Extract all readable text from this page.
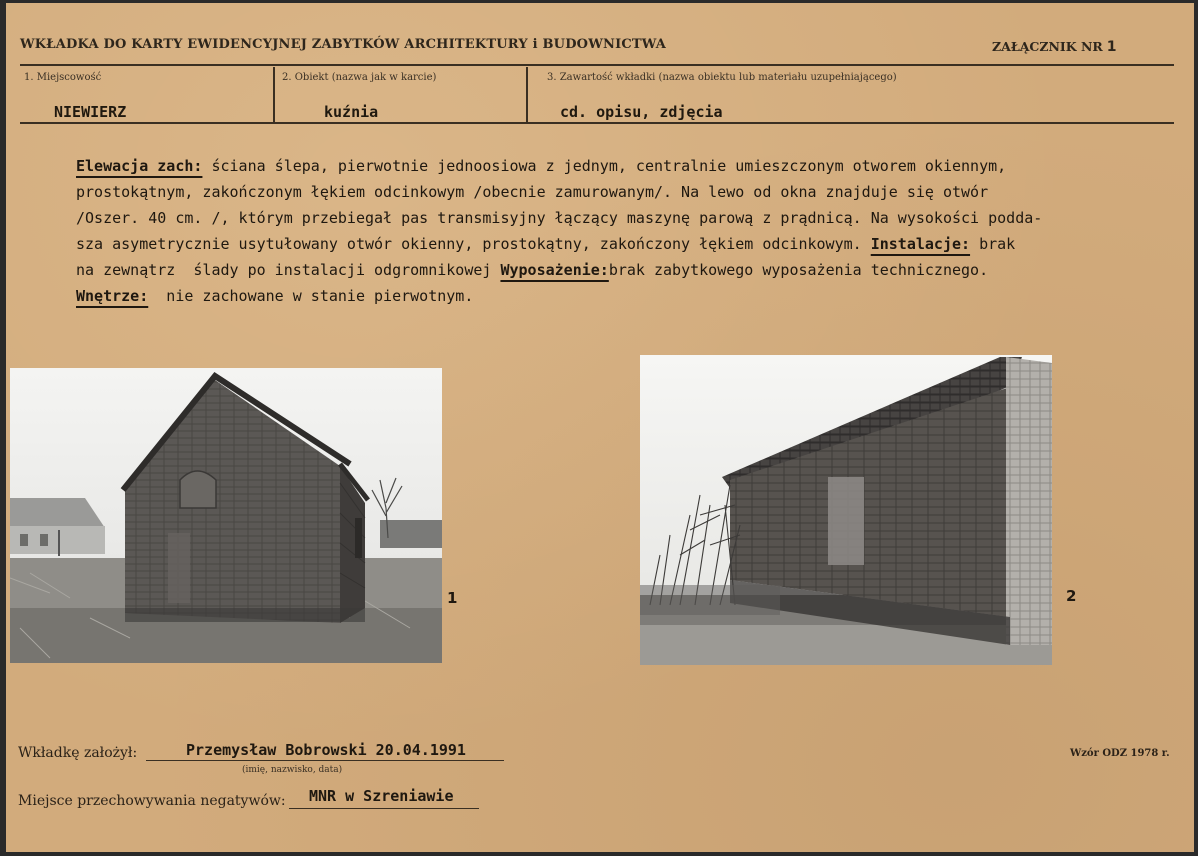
WKŁADKA DO KARTY EWIDENCYJNEJ ZABYTKÓW ARCHITEKTURY i BUDOWNICTWA	ZAŁĄCZNIK NR 1
1. Miejscowość
NIEWIERZ
2. Obiekt (nazwa jak w karcie)
kuźnia
3. Zawartość wkładki (nazwa obiektu lub materiału uzupełniającego)
cd. opisu, zdjęcia
Elewacja zach: ściana ślepa, pierwotnie jednoosiowa z jednym, centralnie umieszczonym otworem okiennym,
prostokątnym, zakończonym łękiem odcinkowym /obecnie zamurowanym/. Na lewo od okna znajduje się otwór
/Oszer. 40 cm. /, którym przebiegał pas transmisyjny łączący maszynę parową z prądnicą. Na wysokości podda-
sza asymetrycznie usytułowany otwór okienny, prostokątny, zakończony łękiem odcinkowym. Instalacje: brak
na zewnątrz  ślady po instalacji odgromnikowej Wyposażenie:brak zabytkowego wyposażenia technicznego.
Wnętrze:  nie zachowane w stanie pierwotnym.
1	2
Wkładkę założył:	Przemysław Bobrowski 20.04.1991
(imię, nazwisko, data)
Wzór ODZ 1978 r.
Miejsce przechowywania negatywów: MNR w Szreniawie
